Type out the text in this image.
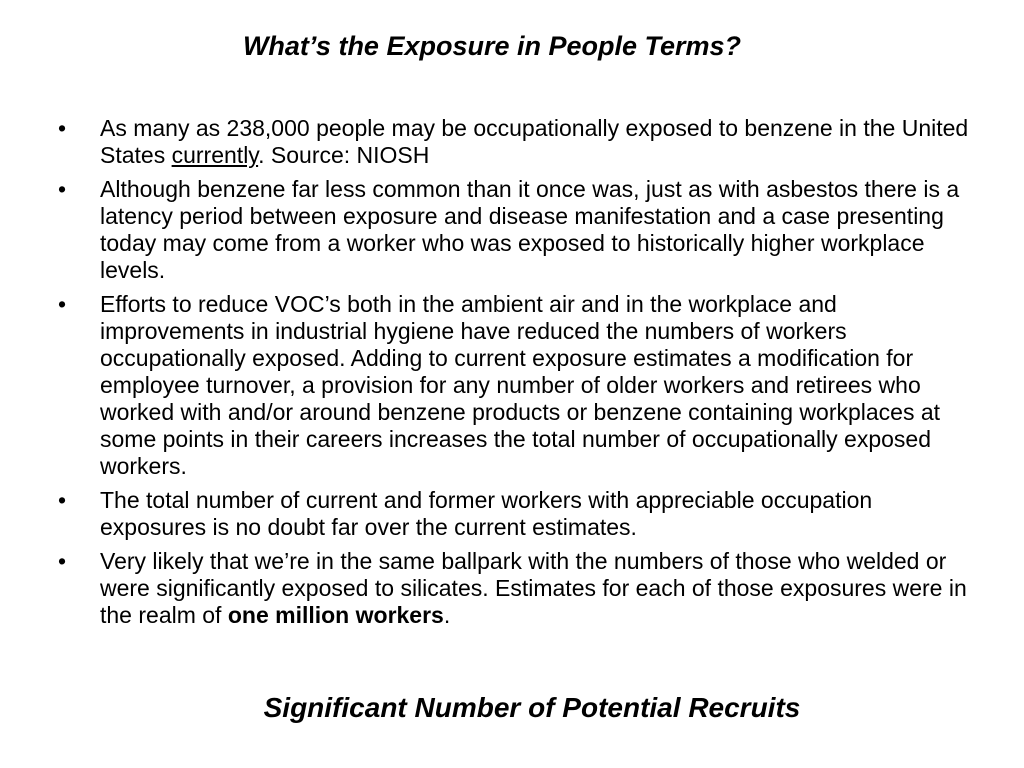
What’s the Exposure in People Terms?
•	As many as 238,000 people may be occupationally exposed to benzene in the United States currently. Source: NIOSH
•	Although benzene far less common than it once was, just as with asbestos there is a latency period between exposure and disease manifestation and a case presenting today may come from a worker who was exposed to historically higher workplace levels.
•	Efforts to reduce VOC’s both in the ambient air and in the workplace and improvements in industrial hygiene have reduced the numbers of workers occupationally exposed. Adding to current exposure estimates a modification for employee turnover, a provision for any number of older workers and retirees who worked with and/or around benzene products or benzene containing workplaces at some points in their careers increases the total number of occupationally exposed workers.
•	The total number of current and former workers with appreciable occupation exposures is no doubt far over the current estimates.
•	Very likely that we’re in the same ballpark with the numbers of those who welded or were significantly exposed to silicates. Estimates for each of those exposures were in the realm of one million workers.
Significant Number of Potential Recruits
